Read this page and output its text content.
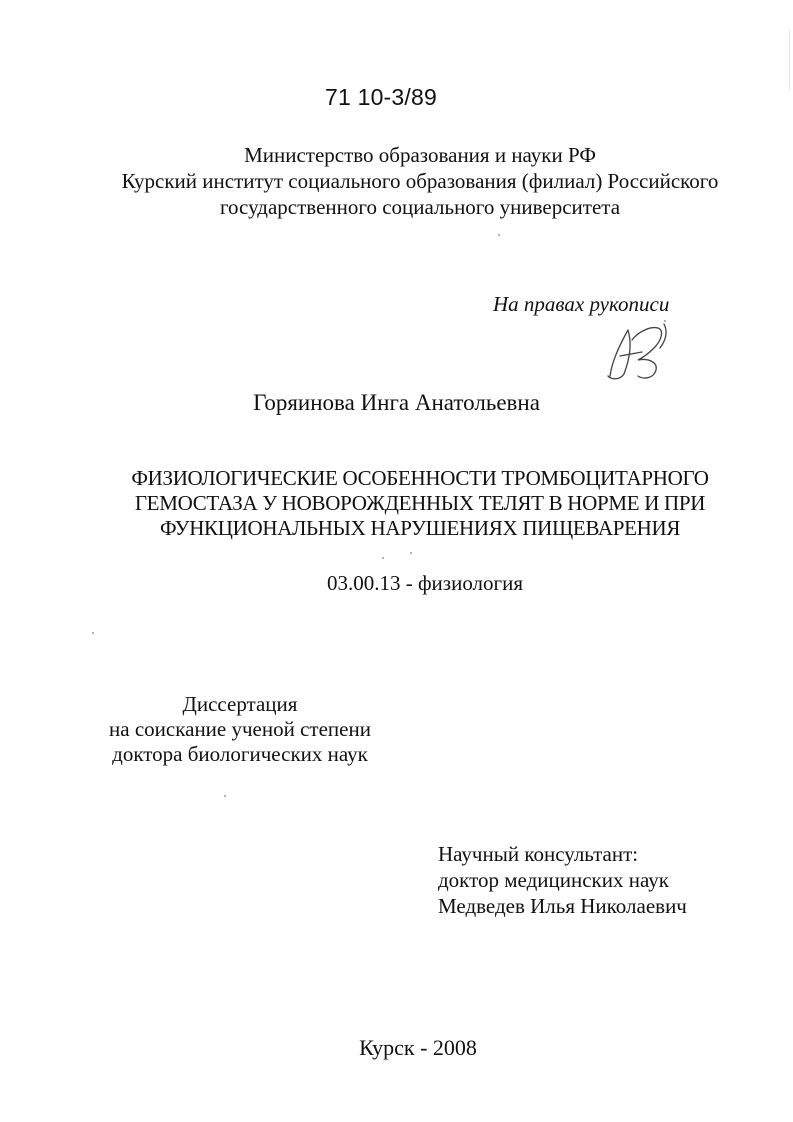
71 10-3/89
Министерство образования и науки РФ
Курский институт социального образования (филиал) Российского
государственного социального университета
На правах рукописи
Горяинова Инга Анатольевна
ФИЗИОЛОГИЧЕСКИЕ ОСОБЕННОСТИ ТРОМБОЦИТАРНОГО
ГЕМОСТАЗА У НОВОРОЖДЕННЫХ ТЕЛЯТ В НОРМЕ И ПРИ
ФУНКЦИОНАЛЬНЫХ НАРУШЕНИЯХ ПИЩЕВАРЕНИЯ
03.00.13 - физиология
Диссертация
на соискание ученой степени
доктора биологических наук
Научный консультант:
доктор медицинских наук
Медведев Илья Николаевич
Курск - 2008
